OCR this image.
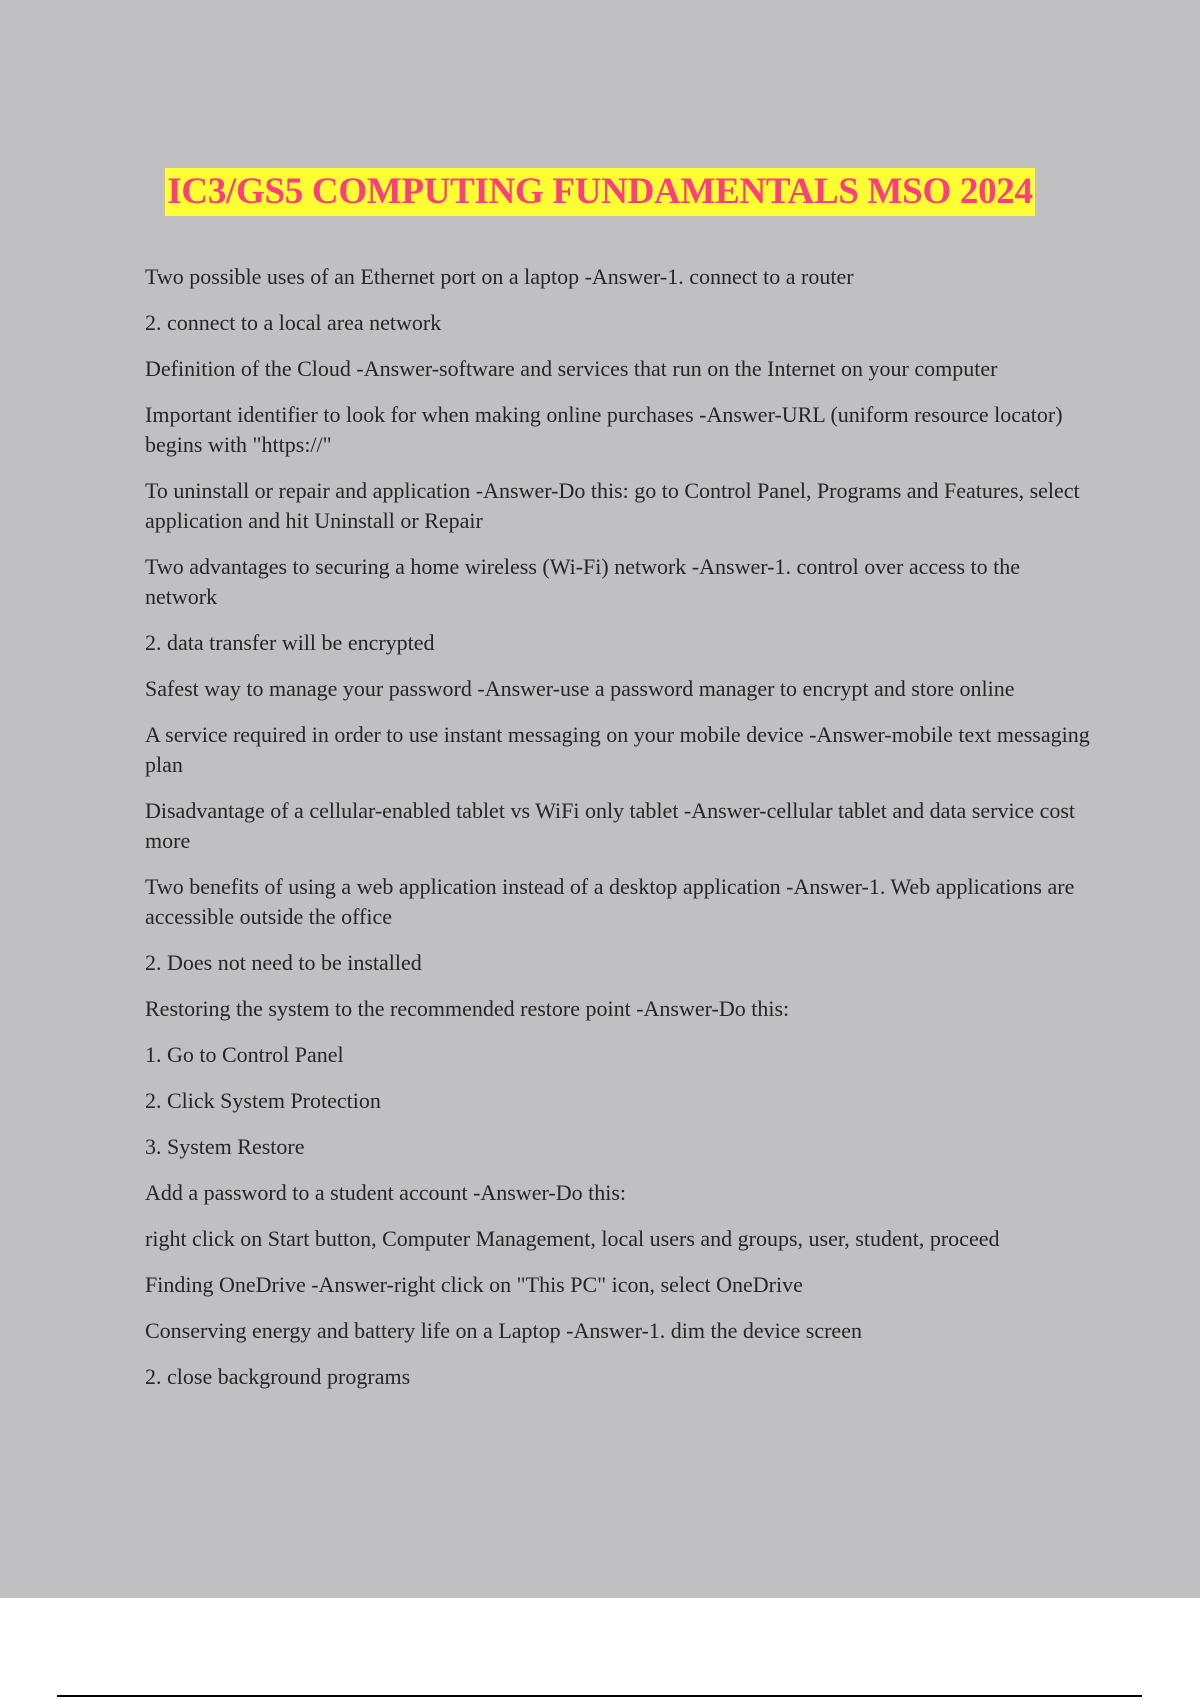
IC3/GS5 COMPUTING FUNDAMENTALS MSO 2024

Two possible uses of an Ethernet port on a laptop -Answer-1. connect to a router

2. connect to a local area network

Definition of the Cloud -Answer-software and services that run on the Internet on your computer

Important identifier to look for when making online purchases -Answer-URL (uniform resource locator) begins with "https://"

To uninstall or repair and application -Answer-Do this: go to Control Panel, Programs and Features, select application and hit Uninstall or Repair

Two advantages to securing a home wireless (Wi-Fi) network -Answer-1. control over access to the network

2. data transfer will be encrypted

Safest way to manage your password -Answer-use a password manager to encrypt and store online

A service required in order to use instant messaging on your mobile device -Answer-mobile text messaging plan

Disadvantage of a cellular-enabled tablet vs WiFi only tablet -Answer-cellular tablet and data service cost more

Two benefits of using a web application instead of a desktop application -Answer-1. Web applications are accessible outside the office

2. Does not need to be installed

Restoring the system to the recommended restore point -Answer-Do this:

1. Go to Control Panel

2. Click System Protection

3. System Restore

Add a password to a student account -Answer-Do this:

right click on Start button, Computer Management, local users and groups, user, student, proceed

Finding OneDrive -Answer-right click on "This PC" icon, select OneDrive

Conserving energy and battery life on a Laptop -Answer-1. dim the device screen

2. close background programs
